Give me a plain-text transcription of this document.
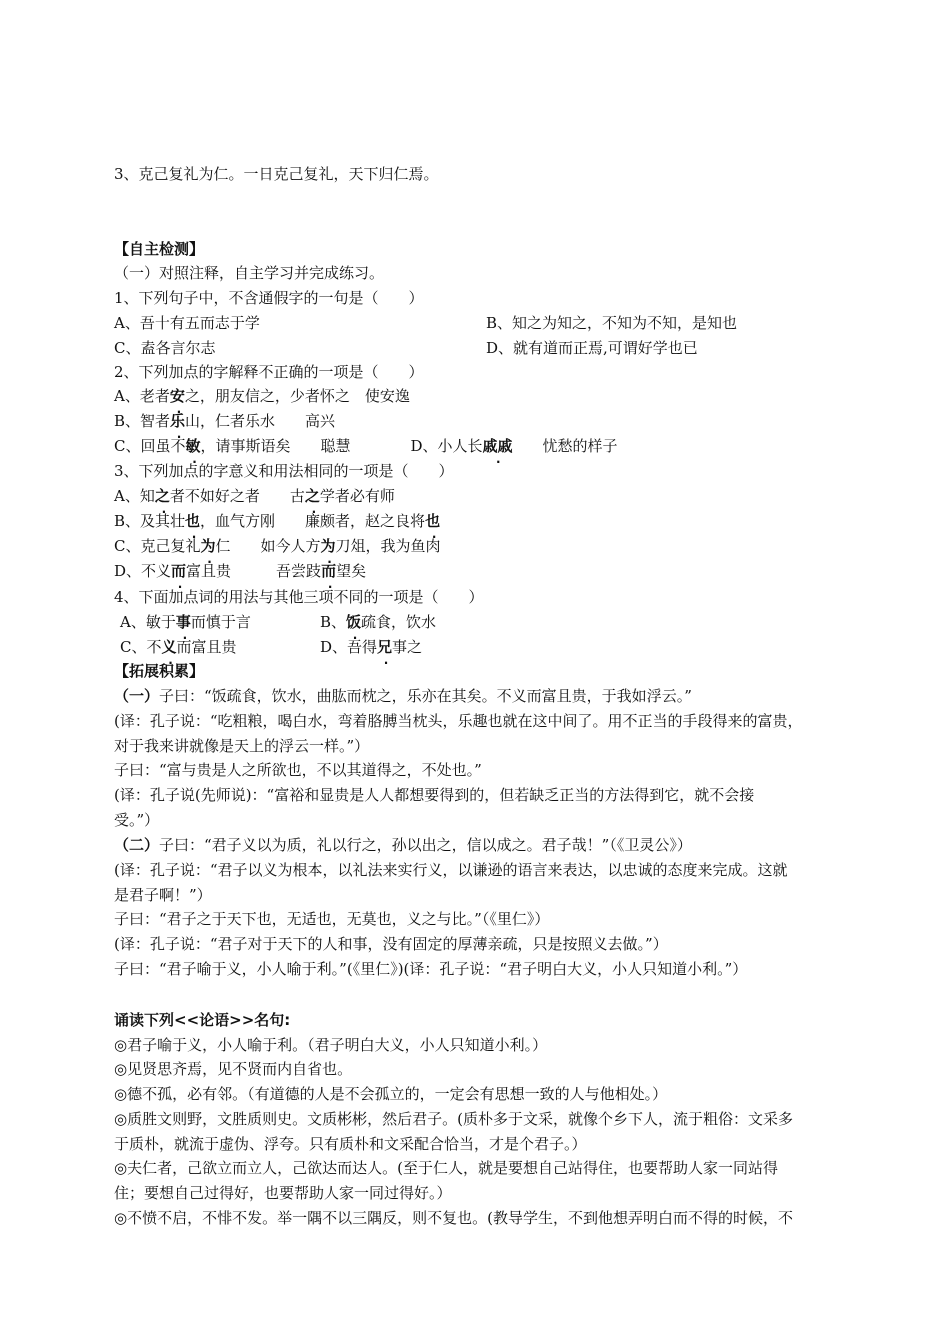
3、克己复礼为仁。一日克己复礼，天下归仁焉。
【自主检测】
（一）对照注释，自主学习并完成练习。
1、下列句子中，不含通假字的一句是（　　）
A、吾十有五而志于学	B、知之为知之，不知为不知，是知也
C、盍各言尔志	D、就有道而正焉,可谓好学也已
2、下列加点的字解释不正确的一项是（　　）
A、老者安之，朋友信之，少者怀之　使安逸
B、智者乐山，仁者乐水　　高兴
C、回虽不敏，请事斯语矣　　聪慧　　　　D、小人长戚戚　　忧愁的样子
3、下列加点的字意义和用法相同的一项是（　　）
A、知之者不如好之者　　古之学者必有师
B、及其壮也，血气方刚　　廉颇者，赵之良将也
C、克己复礼为仁　　如今人方为刀俎，我为鱼肉
D、不义而富且贵　　　吾尝跂而望矣
4、下面加点词的用法与其他三项不同的一项是（　　）
A、敏于事而慎于言	B、饭疏食，饮水
C、不义而富且贵	D、吾得兄事之
【拓展积累】
（一）子曰：“饭疏食，饮水，曲肱而枕之，乐亦在其矣。不义而富且贵，于我如浮云。”
(译：孔子说：“吃粗粮，喝白水，弯着胳膊当枕头，乐趣也就在这中间了。用不正当的手段得来的富贵，
对于我来讲就像是天上的浮云一样。”）
子曰：“富与贵是人之所欲也，不以其道得之，不处也。”
(译：孔子说(先师说)：“富裕和显贵是人人都想要得到的，但若缺乏正当的方法得到它，就不会接
受。”）
（二）子曰：“君子义以为质，礼以行之，孙以出之，信以成之。君子哉！”（《卫灵公》）
(译：孔子说：“君子以义为根本，以礼法来实行义，以谦逊的语言来表达，以忠诚的态度来完成。这就
是君子啊！”）
子曰：“君子之于天下也，无适也，无莫也，义之与比。”（《里仁》）
(译：孔子说：“君子对于天下的人和事，没有固定的厚薄亲疏，只是按照义去做。”）
子曰：“君子喻于义，小人喻于利。”(《里仁》)(译：孔子说：“君子明白大义，小人只知道小利。”）
诵读下列<<论语>>名句:
◎君子喻于义，小人喻于利。（君子明白大义，小人只知道小利。）
◎见贤思齐焉，见不贤而内自省也。
◎德不孤，必有邻。（有道德的人是不会孤立的，一定会有思想一致的人与他相处。）
◎质胜文则野，文胜质则史。文质彬彬，然后君子。(质朴多于文采，就像个乡下人，流于粗俗：文采多
于质朴，就流于虚伪、浮夸。只有质朴和文采配合恰当，才是个君子。）
◎夫仁者，己欲立而立人，己欲达而达人。(至于仁人，就是要想自己站得住，也要帮助人家一同站得
住；要想自己过得好，也要帮助人家一同过得好。）
◎不愤不启，不悱不发。举一隅不以三隅反，则不复也。(教导学生，不到他想弄明白而不得的时候，不
